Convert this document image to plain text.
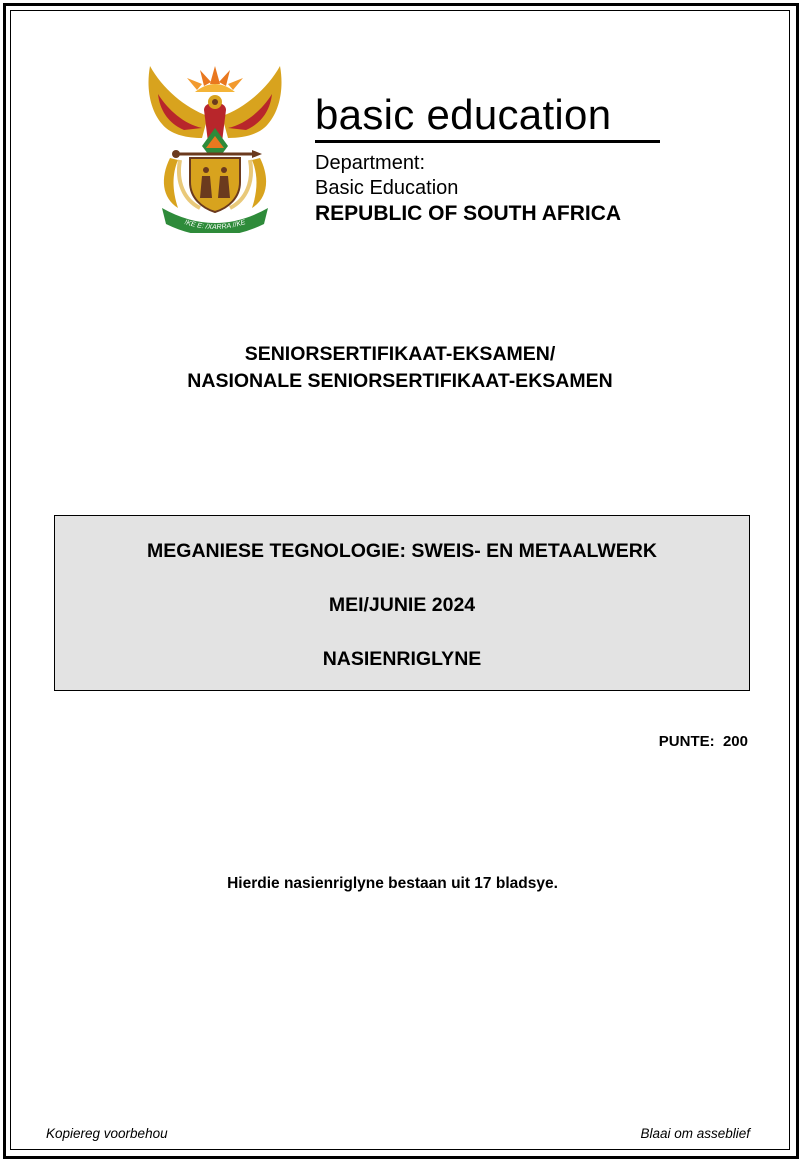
!KE E: /XARRA //KE
basic education
Department:
Basic Education
REPUBLIC OF SOUTH AFRICA
SENIORSERTIFIKAAT-EKSAMEN/
NASIONALE SENIORSERTIFIKAAT-EKSAMEN
MEGANIESE TEGNOLOGIE: SWEIS- EN METAALWERK
MEI/JUNIE 2024
NASIENRIGLYNE
PUNTE:  200
Hierdie nasienriglyne bestaan uit 17 bladsye.
Kopiereg voorbehou	Blaai om asseblief
